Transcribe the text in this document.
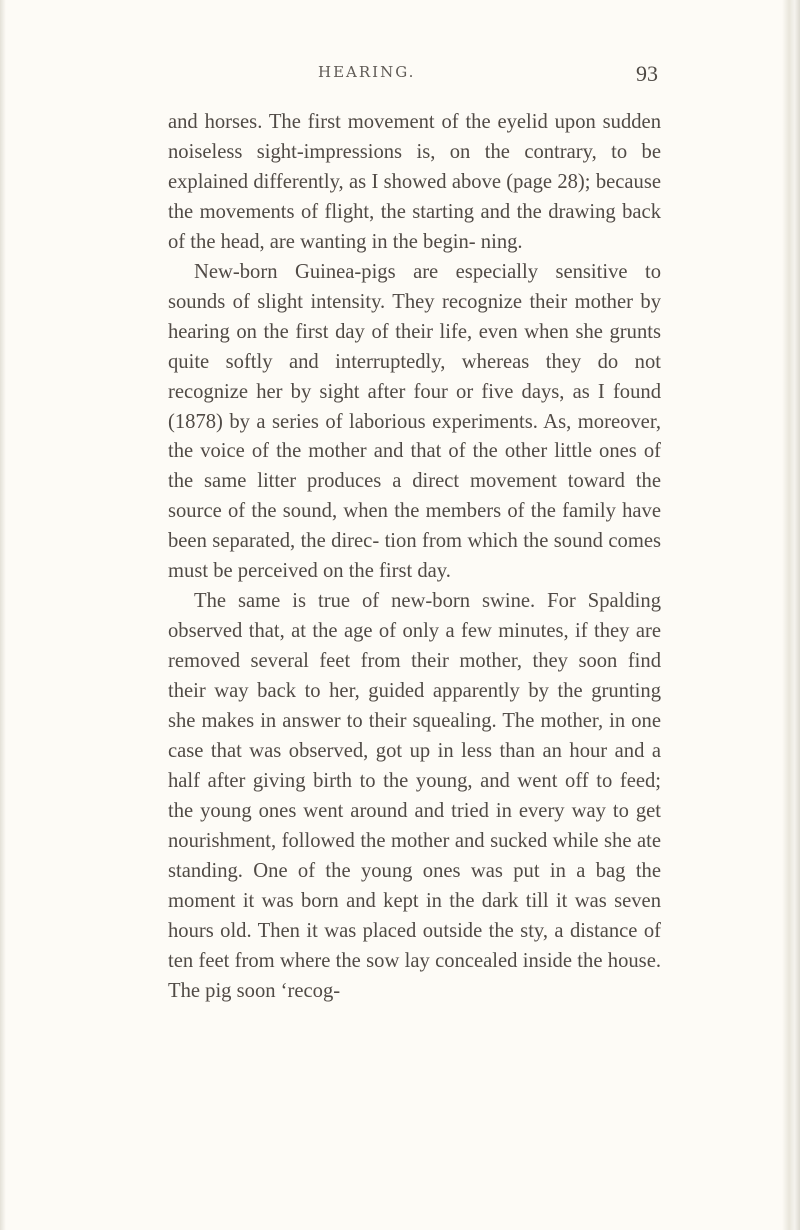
HEARING.	93

and horses. The first movement of the eyelid upon sudden noiseless sight-impressions is, on the contrary, to be explained differently, as I showed above (page 28); because the movements of flight, the starting and the drawing back of the head, are wanting in the begin- ning.

New-born Guinea-pigs are especially sensitive to sounds of slight intensity. They recognize their mother by hearing on the first day of their life, even when she grunts quite softly and interruptedly, whereas they do not recognize her by sight after four or five days, as I found (1878) by a series of laborious experiments. As, moreover, the voice of the mother and that of the other little ones of the same litter produces a direct movement toward the source of the sound, when the members of the family have been separated, the direc- tion from which the sound comes must be perceived on the first day.

The same is true of new-born swine. For Spalding observed that, at the age of only a few minutes, if they are removed several feet from their mother, they soon find their way back to her, guided apparently by the grunting she makes in answer to their squealing. The mother, in one case that was observed, got up in less than an hour and a half after giving birth to the young, and went off to feed; the young ones went around and tried in every way to get nourishment, followed the mother and sucked while she ate standing. One of the young ones was put in a bag the moment it was born and kept in the dark till it was seven hours old. Then it was placed outside the sty, a distance of ten feet from where the sow lay concealed inside the house. The pig soon ‘recog-
